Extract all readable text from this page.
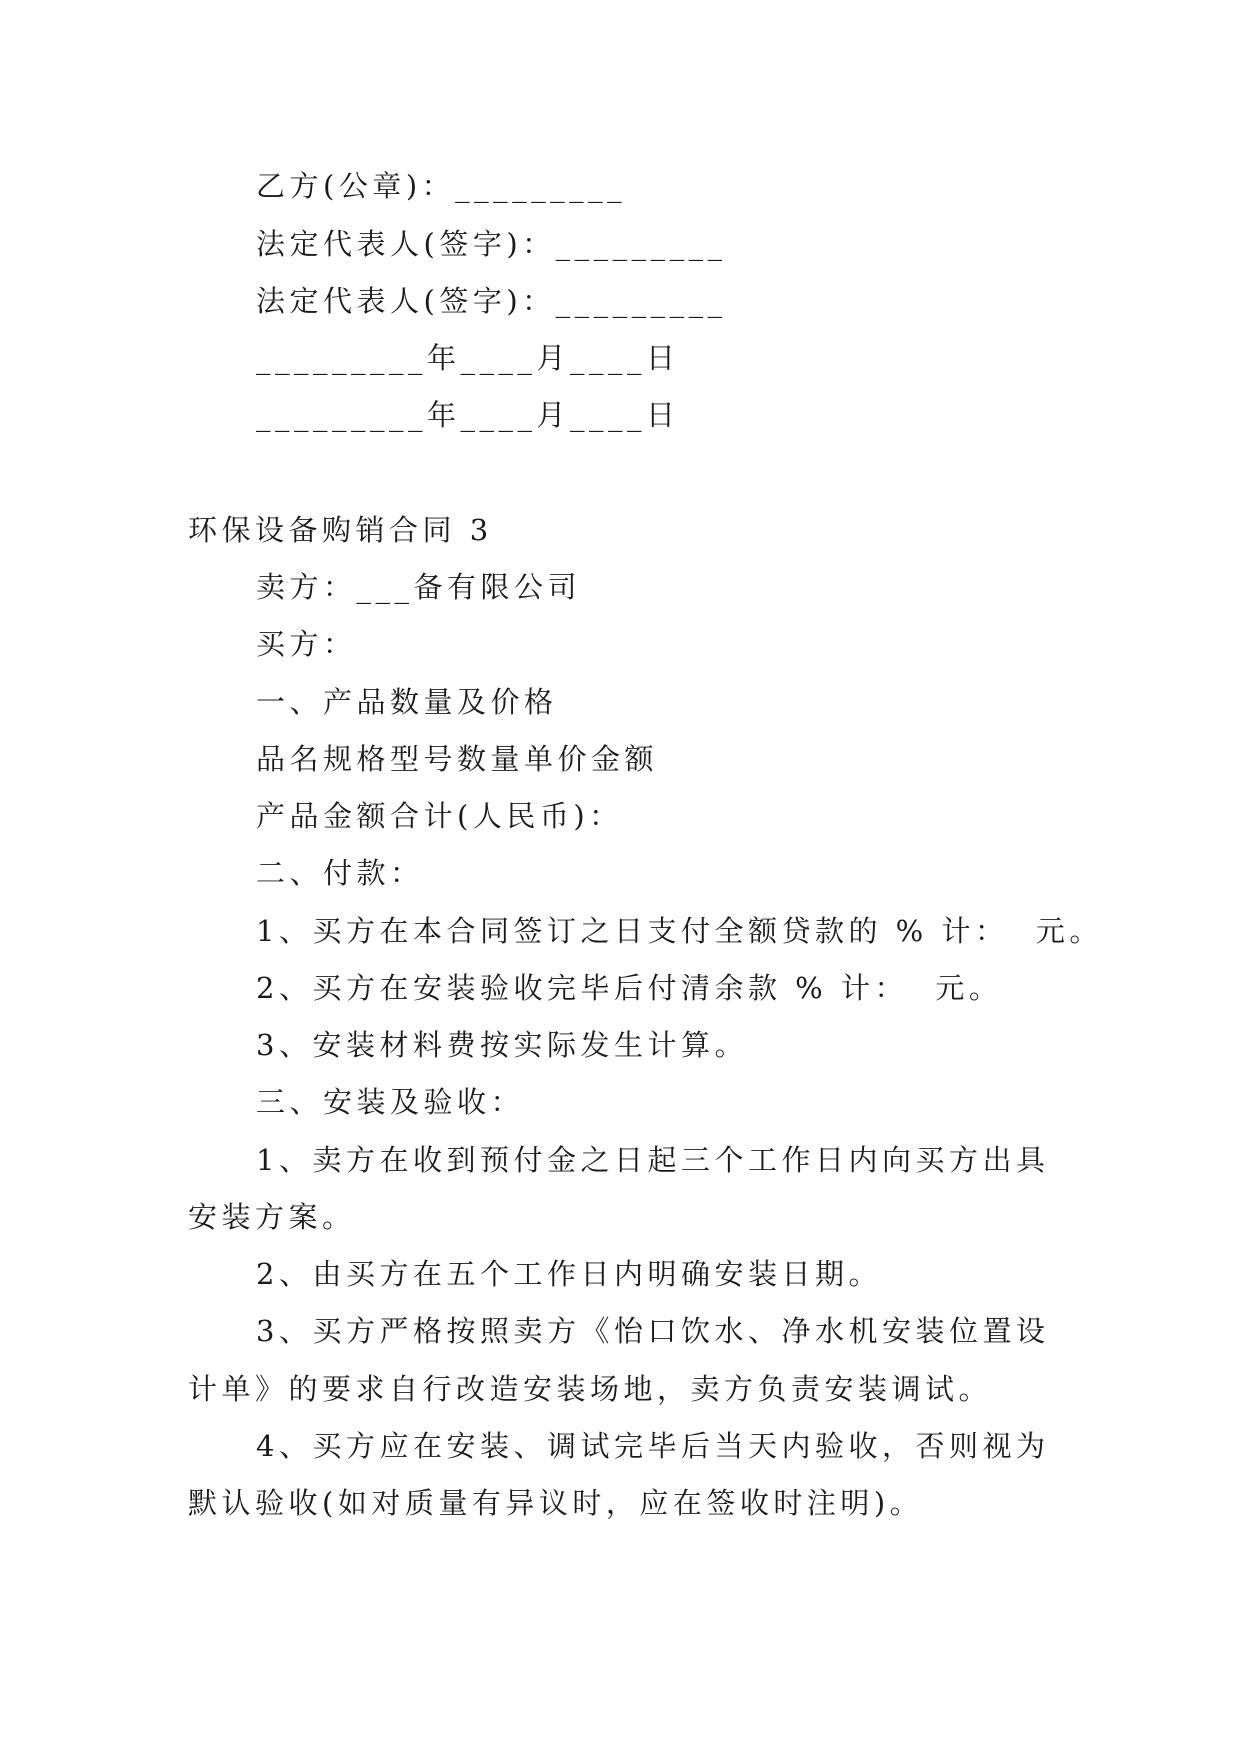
乙方(公章)：_________
法定代表人(签字)：_________
法定代表人(签字)：_________
_________年____月____日
_________年____月____日
环保设备购销合同 3
卖方：___备有限公司
买方：
一、产品数量及价格
品名规格型号数量单价金额
产品金额合计(人民币)：
二、付款：
1、买方在本合同签订之日支付全额贷款的 % 计：  元。
2、买方在安装验收完毕后付清余款 % 计：  元。
3、安装材料费按实际发生计算。
三、安装及验收：
1、卖方在收到预付金之日起三个工作日内向买方出具
安装方案。
2、由买方在五个工作日内明确安装日期。
3、买方严格按照卖方《怡口饮水、净水机安装位置设
计单》的要求自行改造安装场地，卖方负责安装调试。
4、买方应在安装、调试完毕后当天内验收，否则视为
默认验收(如对质量有异议时，应在签收时注明)。
